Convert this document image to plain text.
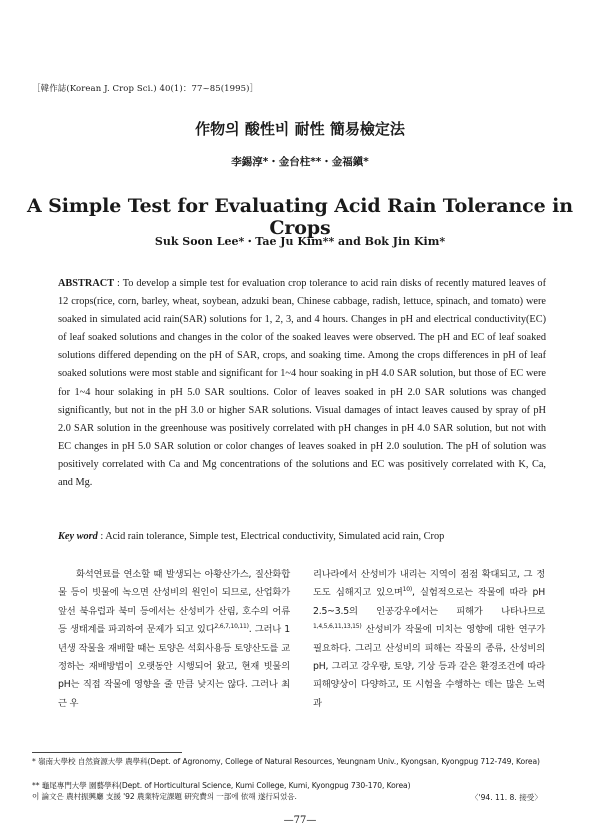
［韓作誌(Korean J. Crop Sci.) 40(1)：77~85(1995)］
作物의 酸性비 耐性 簡易檢定法
李錫淳*・金台柱**・金福鎭*
A Simple Test for Evaluating Acid Rain Tolerance in Crops
Suk Soon Lee*・Tae Ju Kim** and Bok Jin Kim*
ABSTRACT : To develop a simple test for evaluation crop tolerance to acid rain disks of recently matured leaves of 12 crops(rice, corn, barley, wheat, soybean, adzuki bean, Chinese cabbage, radish, lettuce, spinach, and tomato) were soaked in simulated acid rain(SAR) solutions for 1, 2, 3, and 4 hours. Changes in pH and electrical conductivity(EC) of leaf soaked solutions and changes in the color of the soaked leaves were observed. The pH and EC of leaf soaked solutions differed depending on the pH of SAR, crops, and soaking time. Among the crops differences in pH of leaf soaked solutions were most stable and significant for 1~4 hour soaking in pH 4.0 SAR solution, but those of EC were for 1~4 hour solaking in pH 5.0 SAR soultions. Color of leaves soaked in pH 2.0 SAR solutions was changed significantly, but not in the pH 3.0 or higher SAR solutions. Visual damages of intact leaves caused by spray of pH 2.0 SAR solution in the greenhouse was positively correlated with pH changes in pH 4.0 SAR solution, but not with EC changes in pH 5.0 SAR solution or color changes of leaves soaked in pH 2.0 soulution. The pH of solution was positively correlated with Ca and Mg concentrations of the solutions and EC was positively correlated with K, Ca, and Mg.
Key word : Acid rain tolerance, Simple test, Electrical conductivity, Simulated acid rain, Crop
화석연료를 연소할 때 발생되는 아황산가스, 질산화합물 등이 빗물에 녹으면 산성비의 원인이 되므로, 산업화가 앞선 북유럽과 북미 등에서는 산성비가 산림, 호수의 어류 등 생태계를 파괴하여 문제가 되고 있다$^{2,6,7,10,11)}$. 그러나 1년생 작물을 재배할 때는 토양은 석회사용등 토양산도를 교정하는 재배방법이 오랫동안 시행되어 왔고, 현재 빗물의 pH는 직접 작물에 영향을 줄 만큼 낮지는 않다. 그러나 최근 우
리나라에서 산성비가 내리는 지역이 점점 확대되고, 그 정도도 심해지고 있으며$^{10)}$, 실험적으로는 작물에 따라 pH 2.5~3.5의 인공강우에서는 피해가 나타나므로$^{1,4,5,6,11,13,15)}$ 산성비가 작물에 미치는 영향에 대한 연구가 필요하다. 그리고 산성비의 피해는 작물의 종류, 산성비의 pH, 그리고 강우량, 토양, 기상 등과 같은 환경조건에 따라 피해양상이 다양하고, 또 시험을 수행하는 데는 많은 노력과
* 嶺南大學校 自然資源大學 農學科(Dept. of Agronomy, College of Natural Resources, Yeungnam Univ., Kyongsan, Kyongpug 712-749, Korea)
** 龜尾專門大學 園藝學科(Dept. of Horticultural Science, Kumi College, Kumi, Kyongpug 730-170, Korea)
이 論文은 農村振興廳 支援 '92 農業特定課題 硏究費의 一部에 依해 遂行되었음.	〈'94. 11. 8. 接受〉
—77—
